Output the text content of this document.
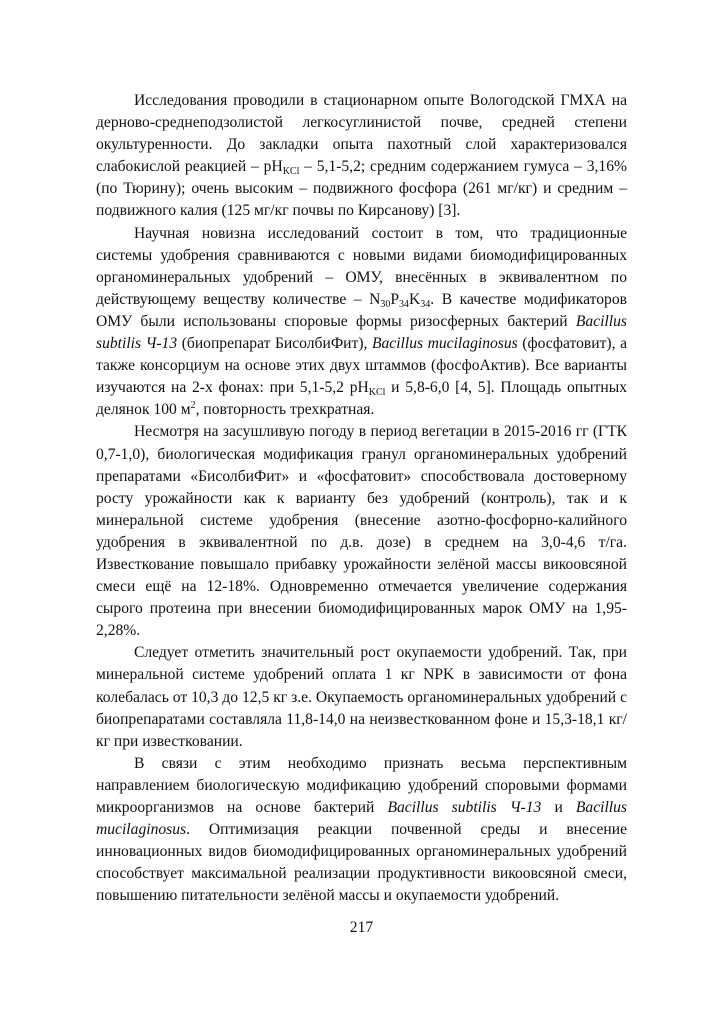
Исследования проводили в стационарном опыте Вологодской ГМХА на дерново-среднеподзолистой легкосуглинистой почве, средней степени окультуренности. До закладки опыта пахотный слой характеризовался слабокислой реакцией – $pH_{KCl} - 5,1-5,2$; средним содержанием гумуса – 3,16% (по Тюрину); очень высоким – подвижного фосфора (261 мг/кг) и средним – подвижного калия (125 мг/кг почвы по Кирсанову) [3].

Научная новизна исследований состоит в том, что традиционные системы удобрения сравниваются с новыми видами биомодифицированных органоминеральных удобрений – ОМУ, внесённых в эквивалентном по действующему веществу количестве – $N_{30}P_{34}K_{34}$. В качестве модификаторов ОМУ были использованы споровые формы ризосферных бактерий Bacillus subtilis Ч-13 (биопрепарат БисолбиФит), Bacillus mucilaginosus (фосфатовит), а также консорциум на основе этих двух штаммов (фосфоАктив). Все варианты изучаются на 2-х фонах: при 5,1-5,2 $pH_{KCl}$ и 5,8-6,0 [4, 5]. Площадь опытных делянок 100 $м^2$, повторность трехкратная.

Несмотря на засушливую погоду в период вегетации в 2015-2016 гг (ГТК 0,7-1,0), биологическая модификация гранул органоминеральных удобрений препаратами «БисолбиФит» и «фосфатовит» способствовала достоверному росту урожайности как к варианту без удобрений (контроль), так и к минеральной системе удобрения (внесение азотно-фосфорно-калийного удобрения в эквивалентной по д.в. дозе) в среднем на 3,0-4,6 т/га. Известкование повышало прибавку урожайности зелёной массы викоовсяной смеси ещё на 12-18%. Одновременно отмечается увеличение содержания сырого протеина при внесении биомодифицированных марок ОМУ на 1,95-2,28%.

Следует отметить значительный рост окупаемости удобрений. Так, при минеральной системе удобрений оплата 1 кг NPK в зависимости от фона колебалась от 10,3 до 12,5 кг з.е. Окупаемость органоминеральных удобрений с биопрепаратами составляла 11,8-14,0 на неизвесткованном фоне и 15,3-18,1 кг/кг при известковании.

В связи с этим необходимо признать весьма перспективным направлением биологическую модификацию удобрений споровыми формами микроорганизмов на основе бактерий Bacillus subtilis Ч-13 и Bacillus mucilaginosus. Оптимизация реакции почвенной среды и внесение инновационных видов биомодифицированных органоминеральных удобрений способствует максимальной реализации продуктивности викоовсяной смеси, повышению питательности зелёной массы и окупаемости удобрений.

217
